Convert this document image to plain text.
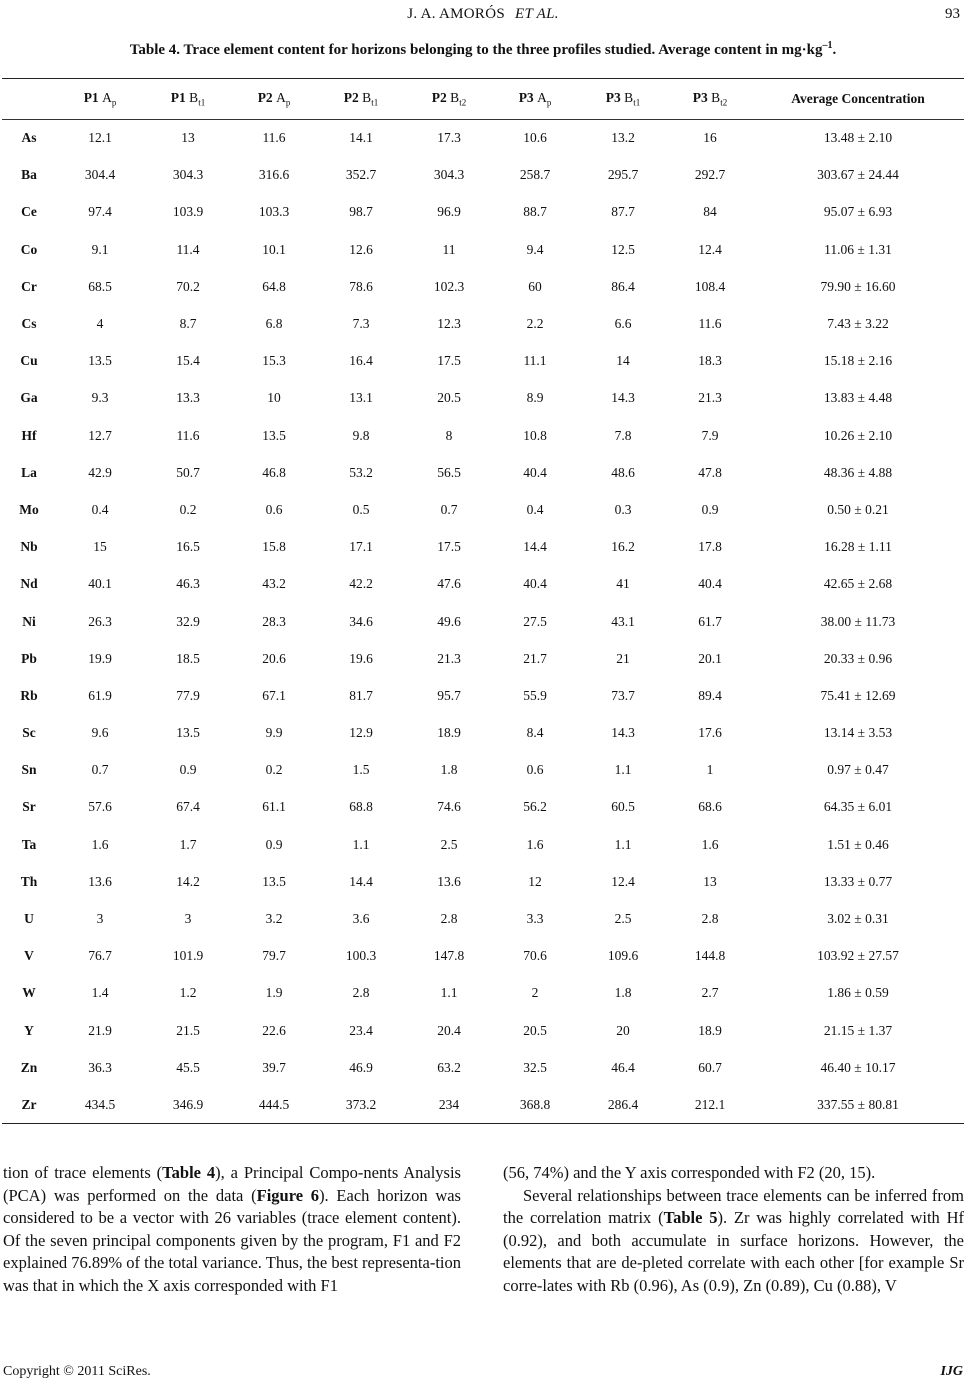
J. A. AMORÓS ET AL.	93
Table 4. Trace element content for horizons belonging to the three profiles studied. Average content in $mg\cdot kg^{-1}$.
	P1 $A_p$	P1 $B_{t1}$	P2 $A_p$	P2 $B_{t1}$	P2 $B_{t2}$	P3 $A_p$	P3 $B_{t1}$	P3 $B_{t2}$	Average Concentration
As	12.1	13	11.6	14.1	17.3	10.6	13.2	16	13.48 ± 2.10
Ba	304.4	304.3	316.6	352.7	304.3	258.7	295.7	292.7	303.67 ± 24.44
Ce	97.4	103.9	103.3	98.7	96.9	88.7	87.7	84	95.07 ± 6.93
Co	9.1	11.4	10.1	12.6	11	9.4	12.5	12.4	11.06 ± 1.31
Cr	68.5	70.2	64.8	78.6	102.3	60	86.4	108.4	79.90 ± 16.60
Cs	4	8.7	6.8	7.3	12.3	2.2	6.6	11.6	7.43 ± 3.22
Cu	13.5	15.4	15.3	16.4	17.5	11.1	14	18.3	15.18 ± 2.16
Ga	9.3	13.3	10	13.1	20.5	8.9	14.3	21.3	13.83 ± 4.48
Hf	12.7	11.6	13.5	9.8	8	10.8	7.8	7.9	10.26 ± 2.10
La	42.9	50.7	46.8	53.2	56.5	40.4	48.6	47.8	48.36 ± 4.88
Mo	0.4	0.2	0.6	0.5	0.7	0.4	0.3	0.9	0.50 ± 0.21
Nb	15	16.5	15.8	17.1	17.5	14.4	16.2	17.8	16.28 ± 1.11
Nd	40.1	46.3	43.2	42.2	47.6	40.4	41	40.4	42.65 ± 2.68
Ni	26.3	32.9	28.3	34.6	49.6	27.5	43.1	61.7	38.00 ± 11.73
Pb	19.9	18.5	20.6	19.6	21.3	21.7	21	20.1	20.33 ± 0.96
Rb	61.9	77.9	67.1	81.7	95.7	55.9	73.7	89.4	75.41 ± 12.69
Sc	9.6	13.5	9.9	12.9	18.9	8.4	14.3	17.6	13.14 ± 3.53
Sn	0.7	0.9	0.2	1.5	1.8	0.6	1.1	1	0.97 ± 0.47
Sr	57.6	67.4	61.1	68.8	74.6	56.2	60.5	68.6	64.35 ± 6.01
Ta	1.6	1.7	0.9	1.1	2.5	1.6	1.1	1.6	1.51 ± 0.46
Th	13.6	14.2	13.5	14.4	13.6	12	12.4	13	13.33 ± 0.77
U	3	3	3.2	3.6	2.8	3.3	2.5	2.8	3.02 ± 0.31
V	76.7	101.9	79.7	100.3	147.8	70.6	109.6	144.8	103.92 ± 27.57
W	1.4	1.2	1.9	2.8	1.1	2	1.8	2.7	1.86 ± 0.59
Y	21.9	21.5	22.6	23.4	20.4	20.5	20	18.9	21.15 ± 1.37
Zn	36.3	45.5	39.7	46.9	63.2	32.5	46.4	60.7	46.40 ± 10.17
Zr	434.5	346.9	444.5	373.2	234	368.8	286.4	212.1	337.55 ± 80.81

tion of trace elements (Table 4), a Principal Compo-nents Analysis (PCA) was performed on the data (Figure 6). Each horizon was considered to be a vector with 26 variables (trace element content). Of the seven principal components given by the program, F1 and F2 explained 76.89% of the total variance. Thus, the best representa-tion was that in which the X axis corresponded with F1

(56, 74%) and the Y axis corresponded with F2 (20, 15).

Several relationships between trace elements can be inferred from the correlation matrix (Table 5). Zr was highly correlated with Hf (0.92), and both accumulate in surface horizons. However, the elements that are de-pleted correlate with each other [for example Sr corre-lates with Rb (0.96), As (0.9), Zn (0.89), Cu (0.88), V

Copyright © 2011 SciRes.	IJG
